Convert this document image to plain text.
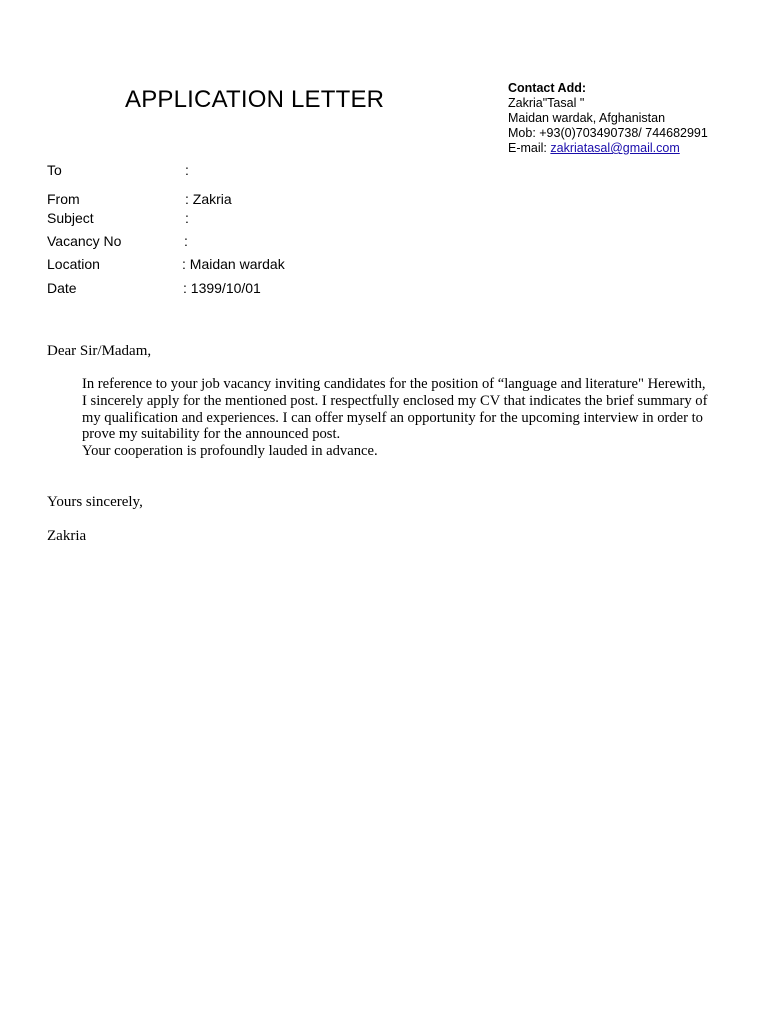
APPLICATION LETTER	Contact Add:
Zakria"Tasal "
Maidan wardak, Afghanistan
Mob: +93(0)703490738/ 744682991
E-mail: zakriatasal@gmail.com
To	:
From	: Zakria
Subject	:
Vacancy No	:
Location	: Maidan wardak
Date	: 1399/10/01
Dear Sir/Madam,

In reference to your job vacancy inviting candidates for the position of “language and literature" Herewith, I sincerely apply for the mentioned post. I respectfully enclosed my CV that indicates the brief summary of my qualification and experiences. I can offer myself an opportunity for the upcoming interview in order to prove my suitability for the announced post.

Your cooperation is profoundly lauded in advance.

Yours sincerely,
Zakria
